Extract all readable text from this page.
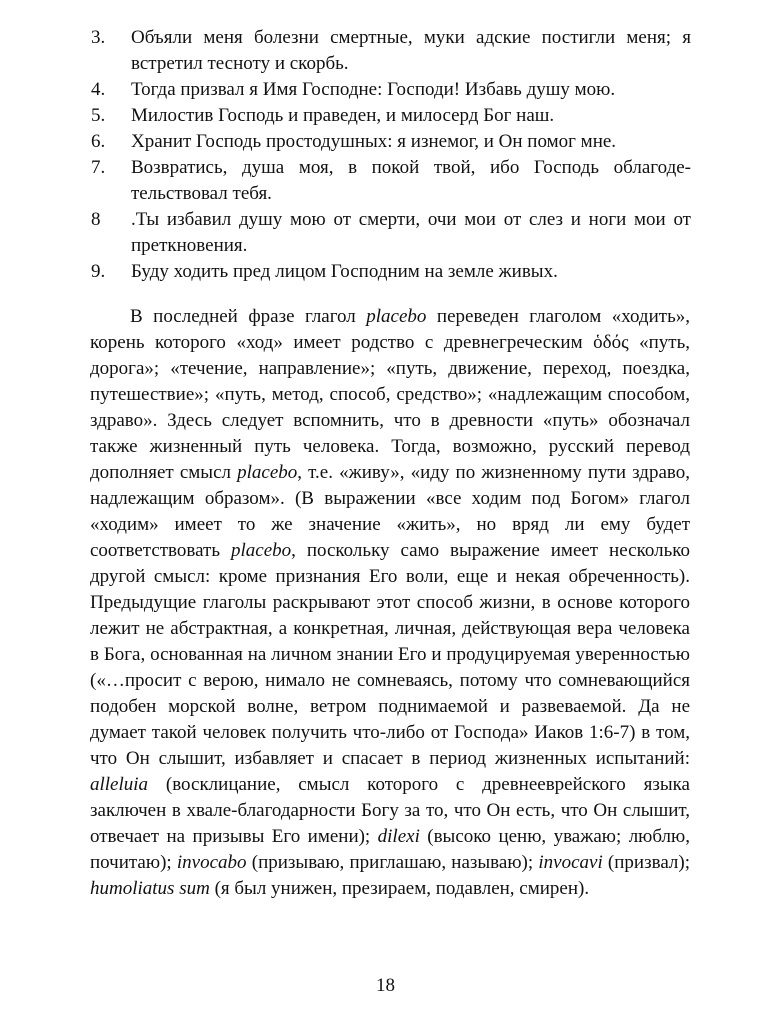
3. Объяли меня болезни смертные, муки адские постигли меня; я встретил тесноту и скорбь.
4. Тогда призвал я Имя Господне: Господи! Избавь душу мою.
5. Милостив Господь и праведен, и милосерд Бог наш.
6. Хранит Господь простодушных: я изнемог, и Он помог мне.
7. Возвратись, душа моя, в покой твой, ибо Господь облагодетельствовал тебя.
8 .Ты избавил душу мою от смерти, очи мои от слез и ноги мои от преткновения.
9. Буду ходить пред лицом Господним на земле живых.

В последней фразе глагол placebo переведен глаголом «ходить», корень которого «ход» имеет родство с древнегреческим ὁδός «путь, дорога»; «течение, направление»; «путь, движение, переход, поездка, путешествие»; «путь, метод, способ, средство»; «надлежащим способом, здраво». Здесь следует вспомнить, что в древности «путь» обозначал также жизненный путь человека. Тогда, возможно, русский перевод дополняет смысл placebo, т.е. «живу», «иду по жизненному пути здраво, надлежащим образом». (В выражении «все ходим под Богом» глагол «ходим» имеет то же значение «жить», но вряд ли ему будет соответствовать placebo, поскольку само выражение имеет несколько другой смысл: кроме признания Его воли, еще и некая обреченность). Предыдущие глаголы раскрывают этот способ жизни, в основе которого лежит не абстрактная, а конкретная, личная, действующая вера человека в Бога, основанная на личном знании Его и продуцируемая уверенностью («…просит с верою, нимало не сомневаясь, потому что сомневающийся подобен морской волне, ветром поднимаемой и развеваемой. Да не думает такой человек получить что-либо от Господа» Иаков 1:6-7) в том, что Он слышит, избавляет и спасает в период жизненных испытаний: alleluia (восклицание, смысл которого с древнееврейского языка заключен в хвале-благодарности Богу за то, что Он есть, что Он слышит, отвечает на призывы Его имени); dilexi (высоко ценю, уважаю; люблю, почитаю); invocabo (призываю, приглашаю, называю); invocavi (призвал); humoliatus sum (я был унижен, презираем, подавлен, смирен).

18
